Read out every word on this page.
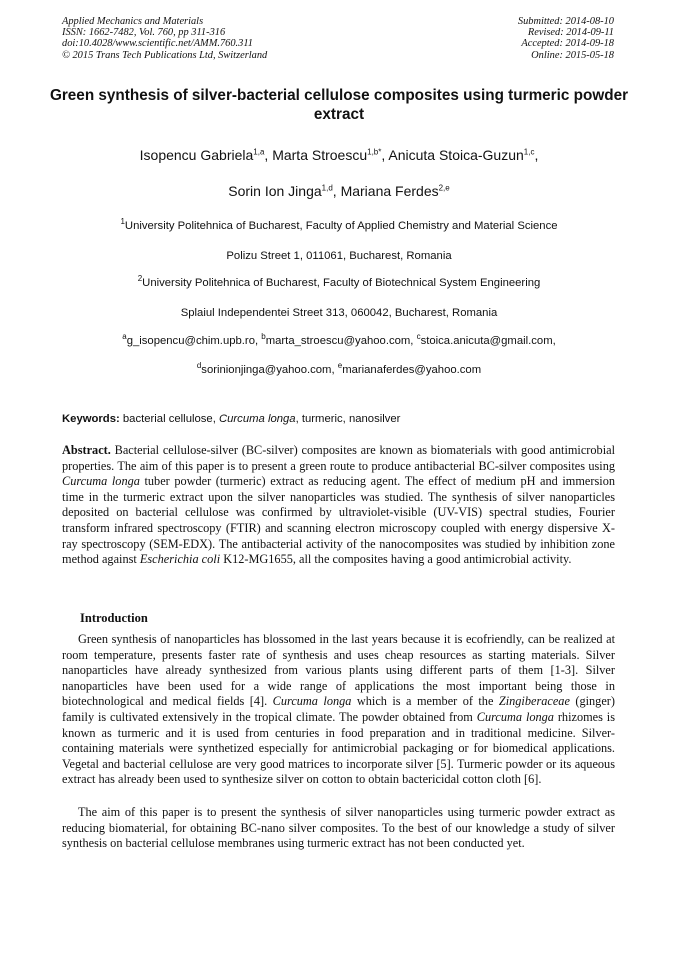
Applied Mechanics and Materials
ISSN: 1662-7482, Vol. 760, pp 311-316
doi:10.4028/www.scientific.net/AMM.760.311
© 2015 Trans Tech Publications Ltd, Switzerland
Submitted: 2014-08-10
Revised: 2014-09-11
Accepted: 2014-09-18
Online: 2015-05-18
Green synthesis of silver-bacterial cellulose composites using turmeric powder extract
Isopencu Gabriela$^{1,a}$, Marta Stroescu$^{1,b*}$, Anicuta Stoica-Guzun$^{1,c}$,
Sorin Ion Jinga$^{1,d}$, Mariana Ferdes$^{2,e}$
$^1$University Politehnica of Bucharest, Faculty of Applied Chemistry and Material Science
Polizu Street 1, 011061, Bucharest, Romania
$^2$University Politehnica of Bucharest, Faculty of Biotechnical System Engineering
Splaiul Independentei Street 313, 060042, Bucharest, Romania
$^a$g_isopencu@chim.upb.ro, $^b$marta_stroescu@yahoo.com, $^c$stoica.anicuta@gmail.com,
$^d$sorinionjinga@yahoo.com, $^e$marianaferdes@yahoo.com
Keywords: bacterial cellulose, Curcuma longa, turmeric, nanosilver
Abstract. Bacterial cellulose-silver (BC-silver) composites are known as biomaterials with good antimicrobial properties. The aim of this paper is to present a green route to produce antibacterial BC-silver composites using Curcuma longa tuber powder (turmeric) extract as reducing agent. The effect of medium pH and immersion time in the turmeric extract upon the silver nanoparticles was studied. The synthesis of silver nanoparticles deposited on bacterial cellulose was confirmed by ultraviolet-visible (UV-VIS) spectral studies, Fourier transform infrared spectroscopy (FTIR) and scanning electron microscopy coupled with energy dispersive X-ray spectroscopy (SEM-EDX). The antibacterial activity of the nanocomposites was studied by inhibition zone method against Escherichia coli K12-MG1655, all the composites having a good antimicrobial activity.
Introduction
Green synthesis of nanoparticles has blossomed in the last years because it is ecofriendly, can be realized at room temperature, presents faster rate of synthesis and uses cheap resources as starting materials. Silver nanoparticles have already synthesized from various plants using different parts of them [1-3]. Silver nanoparticles have been used for a wide range of applications the most important being those in biotechnological and medical fields [4]. Curcuma longa which is a member of the Zingiberaceae (ginger) family is cultivated extensively in the tropical climate. The powder obtained from Curcuma longa rhizomes is known as turmeric and it is used from centuries in food preparation and in traditional medicine. Silver-containing materials were synthetized especially for antimicrobial packaging or for biomedical applications. Vegetal and bacterial cellulose are very good matrices to incorporate silver [5]. Turmeric powder or its aqueous extract has already been used to synthesize silver on cotton to obtain bactericidal cotton cloth [6].
The aim of this paper is to present the synthesis of silver nanoparticles using turmeric powder extract as reducing biomaterial, for obtaining BC-nano silver composites. To the best of our knowledge a study of silver synthesis on bacterial cellulose membranes using turmeric extract has not been conducted yet.
